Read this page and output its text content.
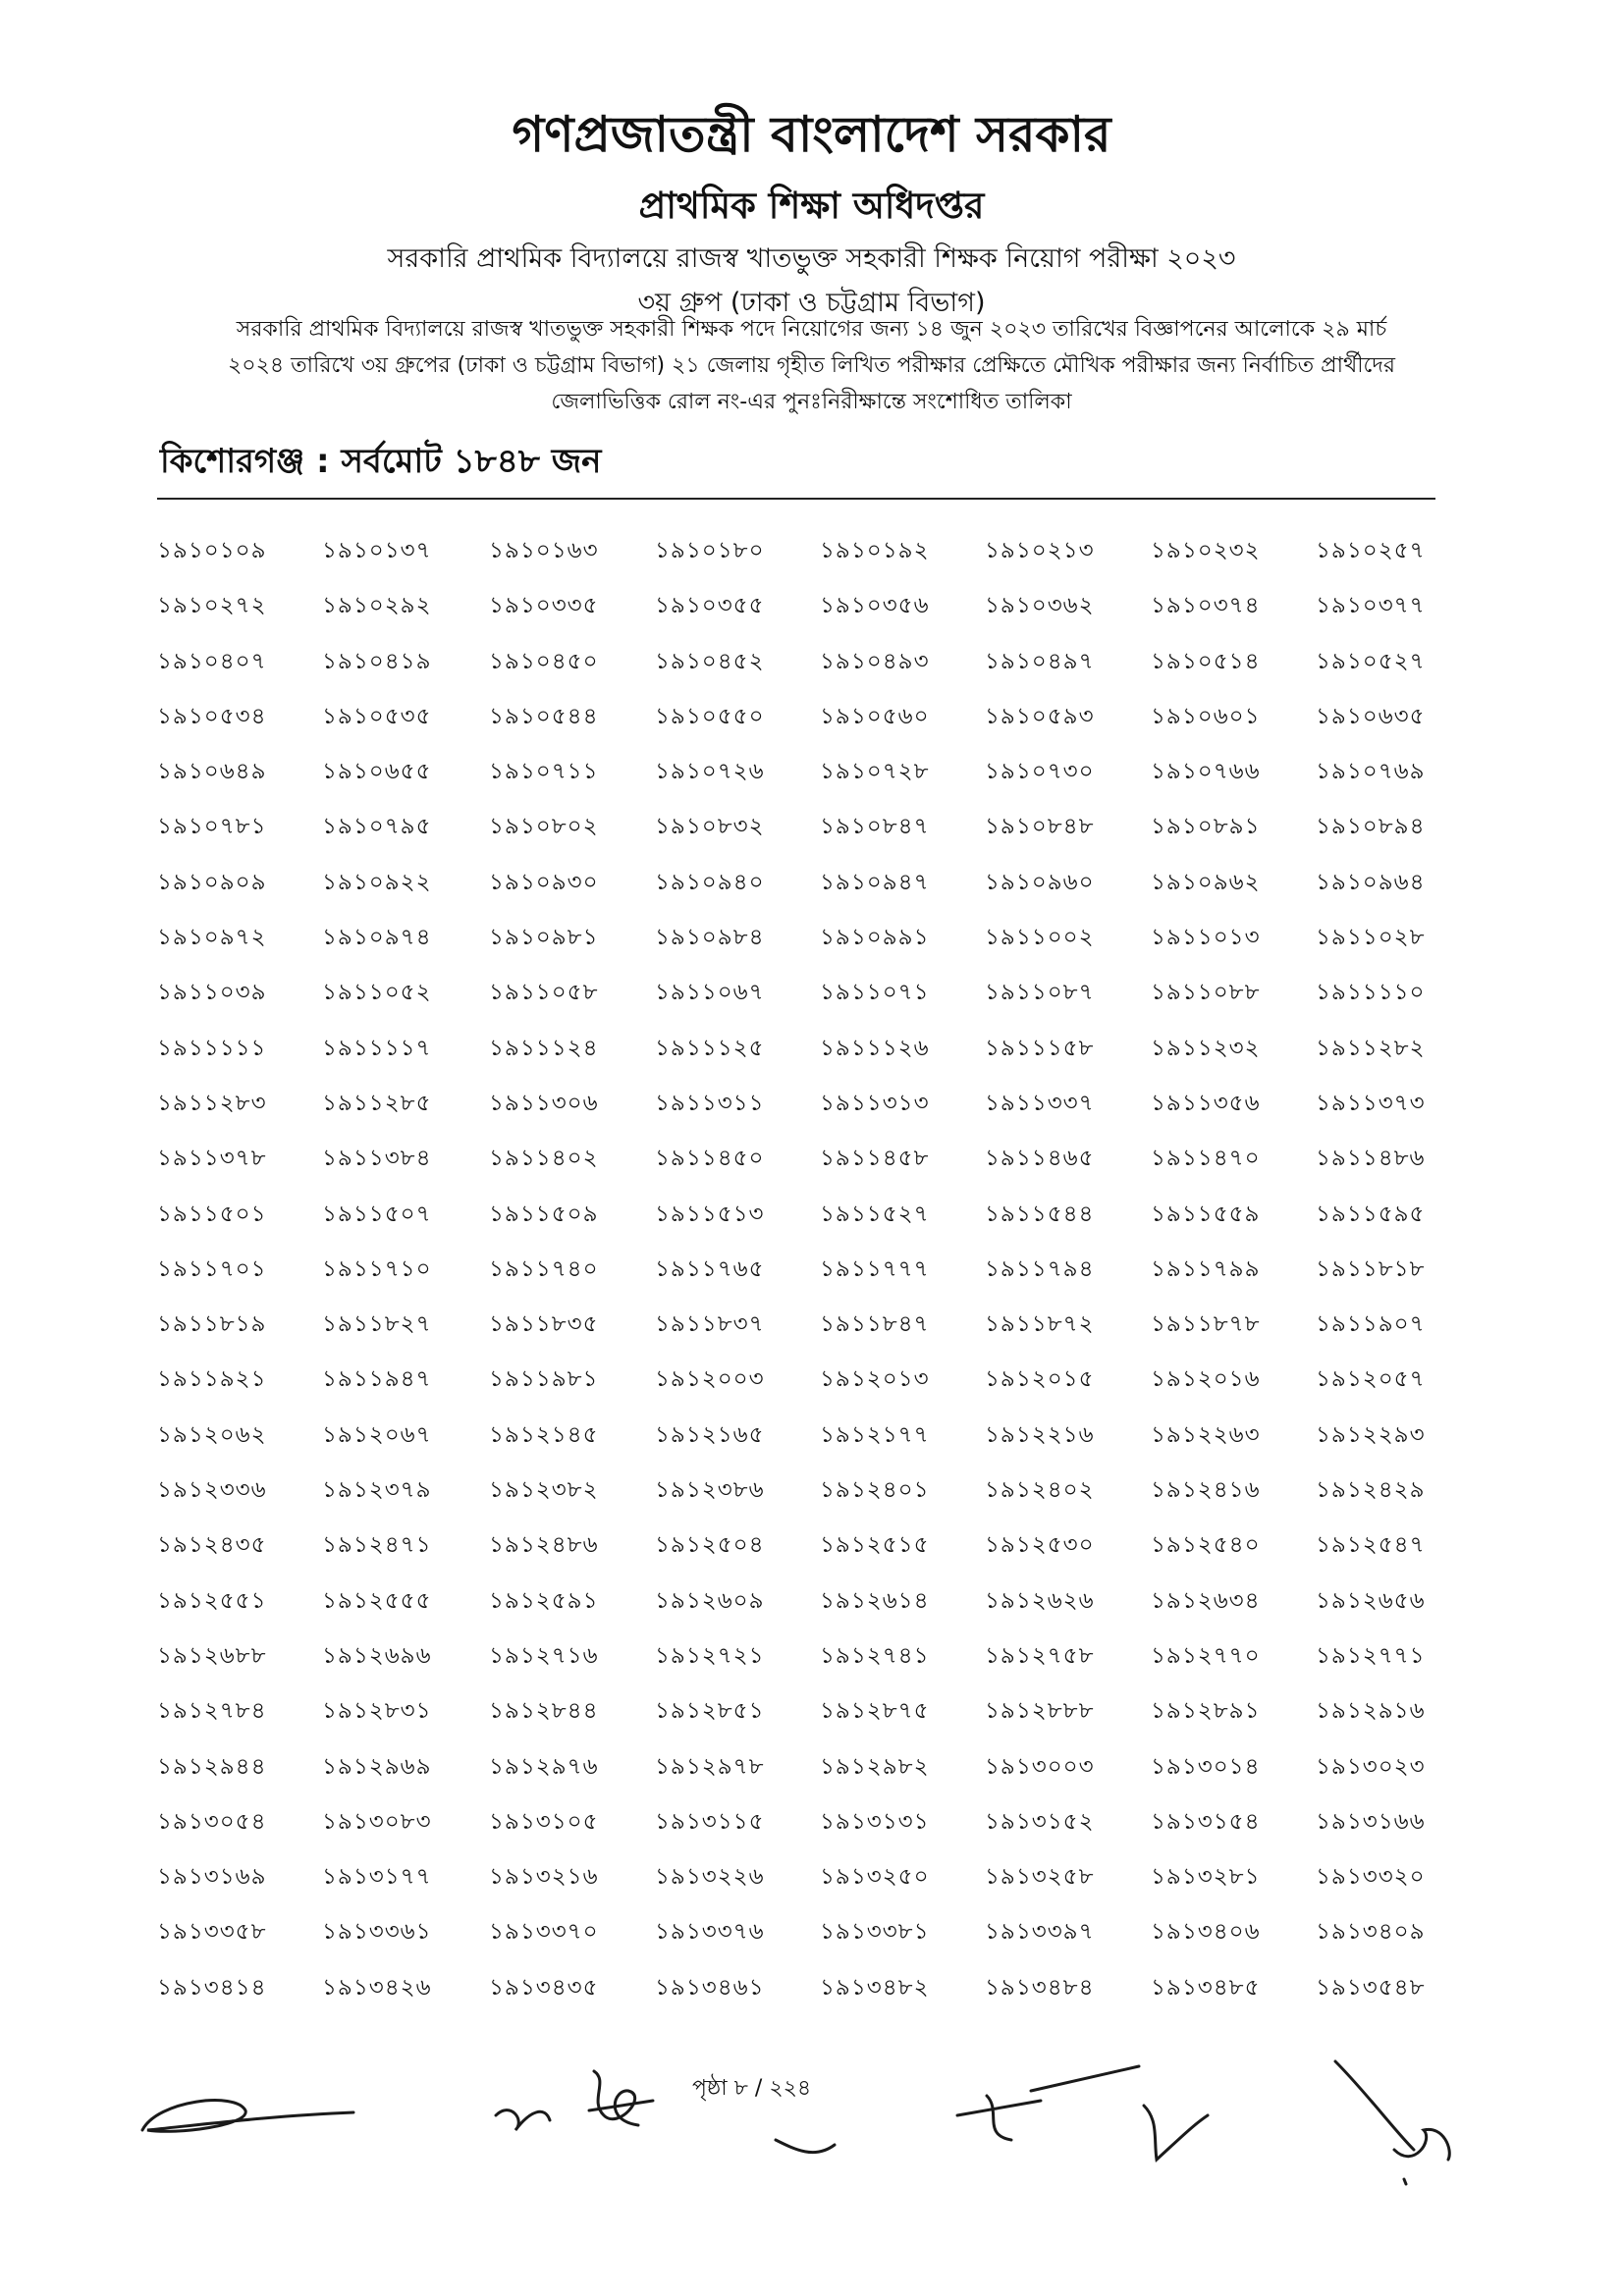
গণপ্রজাতন্ত্রী বাংলাদেশ সরকার
প্রাথমিক শিক্ষা অধিদপ্তর
সরকারি প্রাথমিক বিদ্যালয়ে রাজস্ব খাতভুক্ত সহকারী শিক্ষক নিয়োগ পরীক্ষা ২০২৩
৩য় গ্রুপ (ঢাকা ও চট্টগ্রাম বিভাগ)
সরকারি প্রাথমিক বিদ্যালয়ে রাজস্ব খাতভুক্ত সহকারী শিক্ষক পদে নিয়োগের জন্য ১৪ জুন ২০২৩ তারিখের বিজ্ঞাপনের আলোকে ২৯ মার্চ
২০২৪ তারিখে ৩য় গ্রুপের (ঢাকা ও চট্টগ্রাম বিভাগ) ২১ জেলায় গৃহীত লিখিত পরীক্ষার প্রেক্ষিতে মৌখিক পরীক্ষার জন্য নির্বাচিত প্রার্থীদের
জেলাভিত্তিক রোল নং-এর পুনঃনিরীক্ষান্তে সংশোধিত তালিকা
কিশোরগঞ্জ : সর্বমোট ১৮৪৮ জন
১৯১০১০৯	১৯১০১৩৭	১৯১০১৬৩	১৯১০১৮০	১৯১০১৯২	১৯১০২১৩	১৯১০২৩২	১৯১০২৫৭
১৯১০২৭২	১৯১০২৯২	১৯১০৩৩৫	১৯১০৩৫৫	১৯১০৩৫৬	১৯১০৩৬২	১৯১০৩৭৪	১৯১০৩৭৭
১৯১০৪০৭	১৯১০৪১৯	১৯১০৪৫০	১৯১০৪৫২	১৯১০৪৯৩	১৯১০৪৯৭	১৯১০৫১৪	১৯১০৫২৭
১৯১০৫৩৪	১৯১০৫৩৫	১৯১০৫৪৪	১৯১০৫৫০	১৯১০৫৬০	১৯১০৫৯৩	১৯১০৬০১	১৯১০৬৩৫
১৯১০৬৪৯	১৯১০৬৫৫	১৯১০৭১১	১৯১০৭২৬	১৯১০৭২৮	১৯১০৭৩০	১৯১০৭৬৬	১৯১০৭৬৯
১৯১০৭৮১	১৯১০৭৯৫	১৯১০৮০২	১৯১০৮৩২	১৯১০৮৪৭	১৯১০৮৪৮	১৯১০৮৯১	১৯১০৮৯৪
১৯১০৯০৯	১৯১০৯২২	১৯১০৯৩০	১৯১০৯৪০	১৯১০৯৪৭	১৯১০৯৬০	১৯১০৯৬২	১৯১০৯৬৪
১৯১০৯৭২	১৯১০৯৭৪	১৯১০৯৮১	১৯১০৯৮৪	১৯১০৯৯১	১৯১১০০২	১৯১১০১৩	১৯১১০২৮
১৯১১০৩৯	১৯১১০৫২	১৯১১০৫৮	১৯১১০৬৭	১৯১১০৭১	১৯১১০৮৭	১৯১১০৮৮	১৯১১১১০
১৯১১১১১	১৯১১১১৭	১৯১১১২৪	১৯১১১২৫	১৯১১১২৬	১৯১১১৫৮	১৯১১২৩২	১৯১১২৮২
১৯১১২৮৩	১৯১১২৮৫	১৯১১৩০৬	১৯১১৩১১	১৯১১৩১৩	১৯১১৩৩৭	১৯১১৩৫৬	১৯১১৩৭৩
১৯১১৩৭৮	১৯১১৩৮৪	১৯১১৪০২	১৯১১৪৫০	১৯১১৪৫৮	১৯১১৪৬৫	১৯১১৪৭০	১৯১১৪৮৬
১৯১১৫০১	১৯১১৫০৭	১৯১১৫০৯	১৯১১৫১৩	১৯১১৫২৭	১৯১১৫৪৪	১৯১১৫৫৯	১৯১১৫৯৫
১৯১১৭০১	১৯১১৭১০	১৯১১৭৪০	১৯১১৭৬৫	১৯১১৭৭৭	১৯১১৭৯৪	১৯১১৭৯৯	১৯১১৮১৮
১৯১১৮১৯	১৯১১৮২৭	১৯১১৮৩৫	১৯১১৮৩৭	১৯১১৮৪৭	১৯১১৮৭২	১৯১১৮৭৮	১৯১১৯০৭
১৯১১৯২১	১৯১১৯৪৭	১৯১১৯৮১	১৯১২০০৩	১৯১২০১৩	১৯১২০১৫	১৯১২০১৬	১৯১২০৫৭
১৯১২০৬২	১৯১২০৬৭	১৯১২১৪৫	১৯১২১৬৫	১৯১২১৭৭	১৯১২২১৬	১৯১২২৬৩	১৯১২২৯৩
১৯১২৩৩৬	১৯১২৩৭৯	১৯১২৩৮২	১৯১২৩৮৬	১৯১২৪০১	১৯১২৪০২	১৯১২৪১৬	১৯১২৪২৯
১৯১২৪৩৫	১৯১২৪৭১	১৯১২৪৮৬	১৯১২৫০৪	১৯১২৫১৫	১৯১২৫৩০	১৯১২৫৪০	১৯১২৫৪৭
১৯১২৫৫১	১৯১২৫৫৫	১৯১২৫৯১	১৯১২৬০৯	১৯১২৬১৪	১৯১২৬২৬	১৯১২৬৩৪	১৯১২৬৫৬
১৯১২৬৮৮	১৯১২৬৯৬	১৯১২৭১৬	১৯১২৭২১	১৯১২৭৪১	১৯১২৭৫৮	১৯১২৭৭০	১৯১২৭৭১
১৯১২৭৮৪	১৯১২৮৩১	১৯১২৮৪৪	১৯১২৮৫১	১৯১২৮৭৫	১৯১২৮৮৮	১৯১২৮৯১	১৯১২৯১৬
১৯১২৯৪৪	১৯১২৯৬৯	১৯১২৯৭৬	১৯১২৯৭৮	১৯১২৯৮২	১৯১৩০০৩	১৯১৩০১৪	১৯১৩০২৩
১৯১৩০৫৪	১৯১৩০৮৩	১৯১৩১০৫	১৯১৩১১৫	১৯১৩১৩১	১৯১৩১৫২	১৯১৩১৫৪	১৯১৩১৬৬
১৯১৩১৬৯	১৯১৩১৭৭	১৯১৩২১৬	১৯১৩২২৬	১৯১৩২৫০	১৯১৩২৫৮	১৯১৩২৮১	১৯১৩৩২০
১৯১৩৩৫৮	১৯১৩৩৬১	১৯১৩৩৭০	১৯১৩৩৭৬	১৯১৩৩৮১	১৯১৩৩৯৭	১৯১৩৪০৬	১৯১৩৪০৯
১৯১৩৪১৪	১৯১৩৪২৬	১৯১৩৪৩৫	১৯১৩৪৬১	১৯১৩৪৮২	১৯১৩৪৮৪	১৯১৩৪৮৫	১৯১৩৫৪৮
পৃষ্ঠা ৮ / ২২৪
